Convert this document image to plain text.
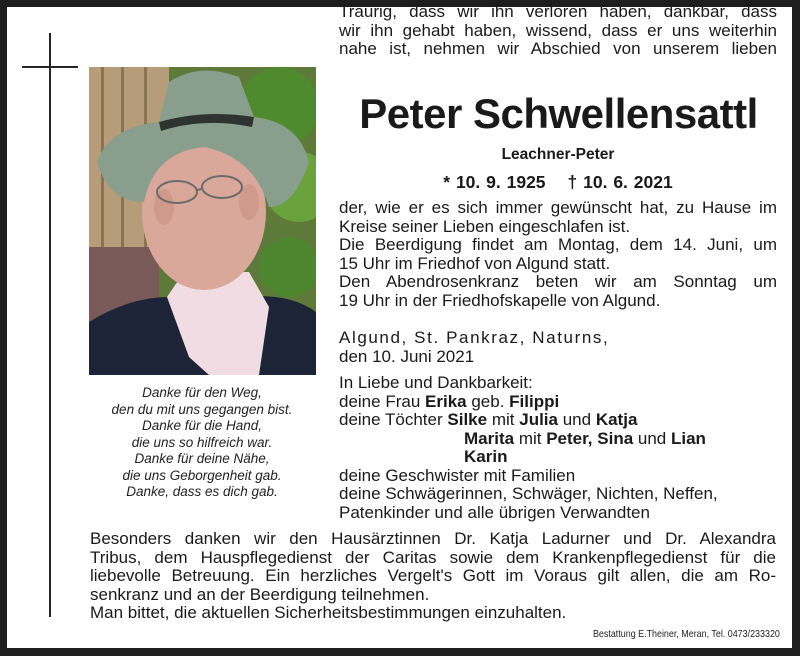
Danke für den Weg,
den du mit uns gegangen bist.
Danke für die Hand,
die uns so hilfreich war.
Danke für deine Nähe,
die uns Geborgenheit gab.
Danke, dass es dich gab.
Traurig, dass wir ihn verloren haben, dankbar, dass
wir ihn gehabt haben, wissend, dass er uns weiterhin
nahe ist, nehmen wir Abschied von unserem lieben
Peter Schwellensattl
Leachner-Peter
* 10. 9. 1925 † 10. 6. 2021
der, wie er es sich immer gewünscht hat, zu Hause im
Kreise seiner Lieben eingeschlafen ist.
Die Beerdigung findet am Montag, dem 14. Juni, um
15 Uhr im Friedhof von Algund statt.
Den Abendrosenkranz beten wir am Sonntag um
19 Uhr in der Friedhofskapelle von Algund.
Algund, St. Pankraz, Naturns,
den 10. Juni 2021
In Liebe und Dankbarkeit:
deine Frau Erika geb. Filippi
deine Töchter Silke mit Julia und Katja
Marita mit Peter, Sina und Lian
Karin
deine Geschwister mit Familien
deine Schwägerinnen, Schwäger, Nichten, Neffen,
Patenkinder und alle übrigen Verwandten
Besonders danken wir den Hausärztinnen Dr. Katja Ladurner und Dr. Alexandra
Tribus, dem Hauspflegedienst der Caritas sowie dem Krankenpflegedienst für die
liebevolle Betreuung. Ein herzliches Vergelt's Gott im Voraus gilt allen, die am Ro-
senkranz und an der Beerdigung teilnehmen.
Man bittet, die aktuellen Sicherheitsbestimmungen einzuhalten.
Bestattung E.Theiner, Meran, Tel. 0473/233320
